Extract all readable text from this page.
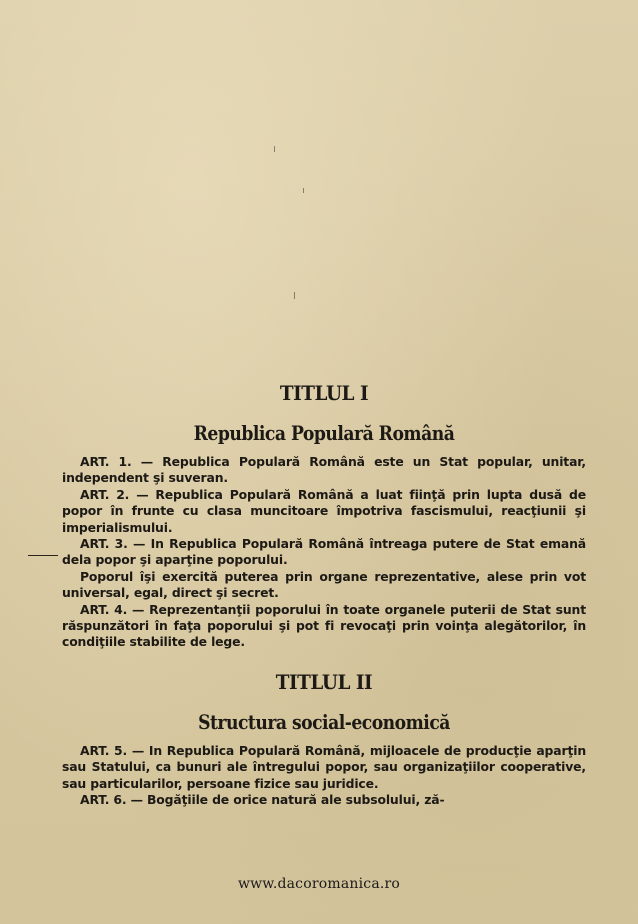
TITLUL I
Republica Populară Română

ART. 1. — Republica Populară Română este un Stat popular, unitar, independent şi suveran.

ART. 2. — Republica Populară Română a luat fiinţă prin lupta dusă de popor în frunte cu clasa muncitoare împotriva fascismului, reacţiunii şi imperialismului.

ART. 3. — In Republica Populară Română întreaga putere de Stat emană dela popor şi aparţine poporului.

Poporul îşi exercită puterea prin organe reprezentative, alese prin vot universal, egal, direct şi secret.

ART. 4. — Reprezentanţii poporului în toate organele puterii de Stat sunt răspunzători în faţa poporului şi pot fi revocaţi prin voinţa alegătorilor, în condiţiile stabilite de lege.

TITLUL II
Structura social-economică

ART. 5. — In Republica Populară Română, mijloacele de producţie aparţin sau Statului, ca bunuri ale întregului popor, sau organizaţiilor cooperative, sau particularilor, persoane fizice sau juridice.

ART. 6. — Bogăţiile de orice natură ale subsolului, ză-

www.dacoromanica.ro
